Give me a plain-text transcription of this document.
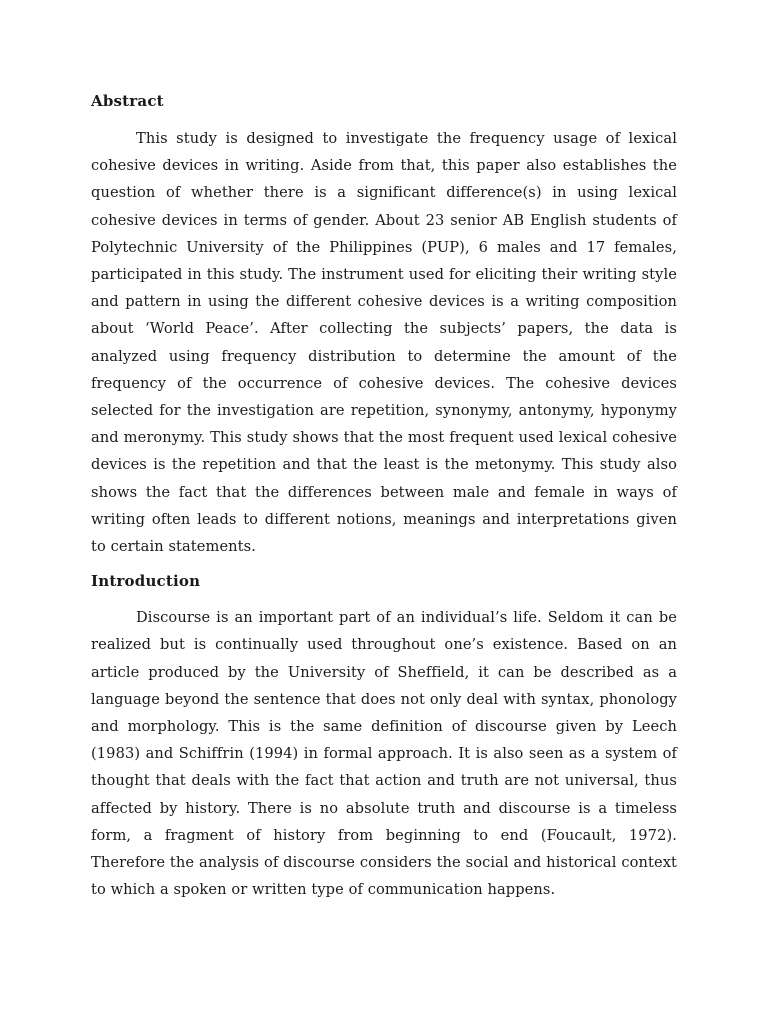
Abstract

This study is designed to investigate the frequency usage of lexical cohesive devices in writing. Aside from that, this paper also establishes the question of whether there is a significant difference(s) in using lexical cohesive devices in terms of gender. About 23 senior AB English students of Polytechnic University of the Philippines (PUP), 6 males and 17 females, participated in this study. The instrument used for eliciting their writing style and pattern in using the different cohesive devices is a writing composition about ‘World Peace’. After collecting the subjects’ papers, the data is analyzed using frequency distribution to determine the amount of the frequency of the occurrence of cohesive devices. The cohesive devices selected for the investigation are repetition, synonymy, antonymy, hyponymy and meronymy. This study shows that the most frequent used lexical cohesive devices is the repetition and that the least is the metonymy. This study also shows the fact that the differences between male and female in ways of writing often leads to different notions, meanings and interpretations given to certain statements.

Introduction

Discourse is an important part of an individual’s life. Seldom it can be realized but is continually used throughout one’s existence. Based on an article produced by the University of Sheffield, it can be described as a language beyond the sentence that does not only deal with syntax, phonology and morphology. This is the same definition of discourse given by Leech (1983) and Schiffrin (1994) in formal approach. It is also seen as a system of thought that deals with the fact that action and truth are not universal, thus affected by history. There is no absolute truth and discourse is a timeless form, a fragment of history from beginning to end (Foucault, 1972). Therefore the analysis of discourse considers the social and historical context to which a spoken or written type of communication happens.
